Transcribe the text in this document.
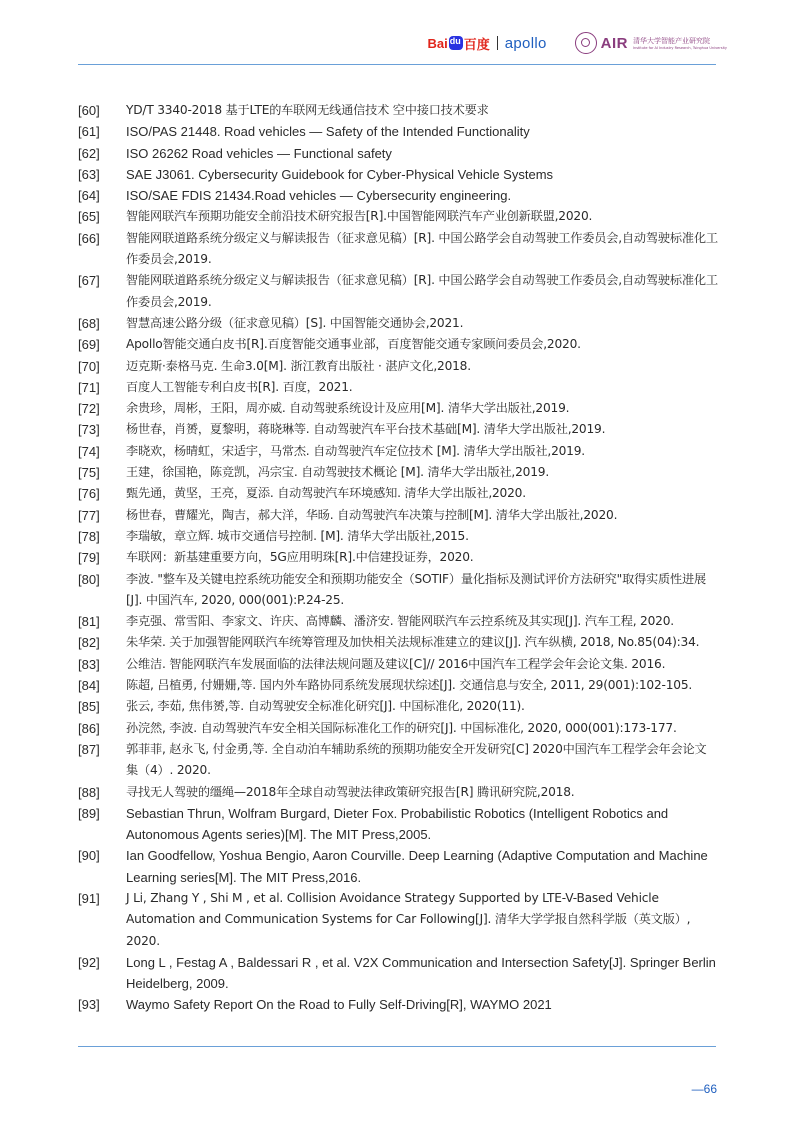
Bai
du 百度 apollo	AIR 清华大学智能产业研究院
Institute for AI Industry Research, Tsinghua University
[60]	YD/T 3340-2018 基于LTE的车联网无线通信技术 空中接口技术要求
[61]	ISO/PAS 21448. Road vehicles — Safety of the Intended Functionality
[62]	ISO 26262 Road vehicles — Functional safety
[63]	SAE J3061. Cybersecurity Guidebook for Cyber-Physical Vehicle Systems
[64]	ISO/SAE FDIS 21434.Road vehicles — Cybersecurity engineering.
[65]	智能网联汽车预期功能安全前沿技术研究报告[R].中国智能网联汽车产业创新联盟,2020.
[66]	智能网联道路系统分级定义与解读报告（征求意见稿）[R]. 中国公路学会自动驾驶工作委员会,自动驾驶标准化工作委员会,2019.
[67]	智能网联道路系统分级定义与解读报告（征求意见稿）[R]. 中国公路学会自动驾驶工作委员会,自动驾驶标准化工作委员会,2019.
[68]	智慧高速公路分级（征求意见稿）[S]. 中国智能交通协会,2021.
[69]	Apollo智能交通白皮书[R].百度智能交通事业部，百度智能交通专家顾问委员会,2020.
[70]	迈克斯·泰格马克. 生命3.0[M]. 浙江教育出版社 · 湛庐文化,2018.
[71]	百度人工智能专利白皮书[R]. 百度，2021.
[72]	余贵珍，周彬，王阳，周亦威. 自动驾驶系统设计及应用[M]. 清华大学出版社,2019.
[73]	杨世春，肖赟，夏黎明，蒋晓琳等. 自动驾驶汽车平台技术基础[M]. 清华大学出版社,2019.
[74]	李晓欢，杨晴虹，宋适宇，马常杰. 自动驾驶汽车定位技术 [M]. 清华大学出版社,2019.
[75]	王建，徐国艳，陈竞凯，冯宗宝. 自动驾驶技术概论 [M]. 清华大学出版社,2019.
[76]	甄先通，黄坚，王亮，夏添. 自动驾驶汽车环境感知. 清华大学出版社,2020.
[77]	杨世春，曹耀光，陶吉，郝大洋，华旸. 自动驾驶汽车决策与控制[M]. 清华大学出版社,2020.
[78]	李瑞敏，章立辉. 城市交通信号控制. [M]. 清华大学出版社,2015.
[79]	车联网：新基建重要方向，5G应用明珠[R].中信建投证券，2020.
[80]	李波. "整车及关键电控系统功能安全和预期功能安全（SOTIF）量化指标及测试评价方法研究"取得实质性进展[J]. 中国汽车, 2020, 000(001):P.24-25.
[81]	李克强、常雪阳、李家文、许庆、高博麟、潘济安. 智能网联汽车云控系统及其实现[J]. 汽车工程, 2020.
[82]	朱华荣. 关于加强智能网联汽车统筹管理及加快相关法规标准建立的建议[J]. 汽车纵横, 2018, No.85(04):34.
[83]	公维洁. 智能网联汽车发展面临的法律法规问题及建议[C]// 2016中国汽车工程学会年会论文集. 2016.
[84]	陈超, 吕植勇, 付姗姗,等. 国内外车路协同系统发展现状综述[J]. 交通信息与安全, 2011, 29(001):102-105.
[85]	张云, 李茹, 焦伟赟,等. 自动驾驶安全标准化研究[J]. 中国标准化, 2020(11).
[86]	孙浣然, 李波. 自动驾驶汽车安全相关国际标准化工作的研究[J]. 中国标准化, 2020, 000(001):173-177.
[87]	郭菲菲, 赵永飞, 付金勇,等. 全自动泊车辅助系统的预期功能安全开发研究[C] 2020中国汽车工程学会年会论文集（4）. 2020.
[88]	寻找无人驾驶的缰绳—2018年全球自动驾驶法律政策研究报告[R] 腾讯研究院,2018.
[89]	Sebastian Thrun, Wolfram Burgard, Dieter Fox. Probabilistic Robotics (Intelligent Robotics and Autonomous Agents series)[M]. The MIT Press,2005.
[90]	Ian Goodfellow, Yoshua Bengio, Aaron Courville. Deep Learning (Adaptive Computation and Machine Learning series[M]. The MIT Press,2016.
[91]	J Li, Zhang Y , Shi M , et al. Collision Avoidance Strategy Supported by LTE-V-Based Vehicle Automation and Communication Systems for Car Following[J]. 清华大学学报自然科学版（英文版）, 2020.
[92]	Long L , Festag A , Baldessari R , et al. V2X Communication and Intersection Safety[J]. Springer Berlin Heidelberg, 2009.
[93]	Waymo Safety Report On the Road to Fully Self-Driving[R], WAYMO 2021
—66
